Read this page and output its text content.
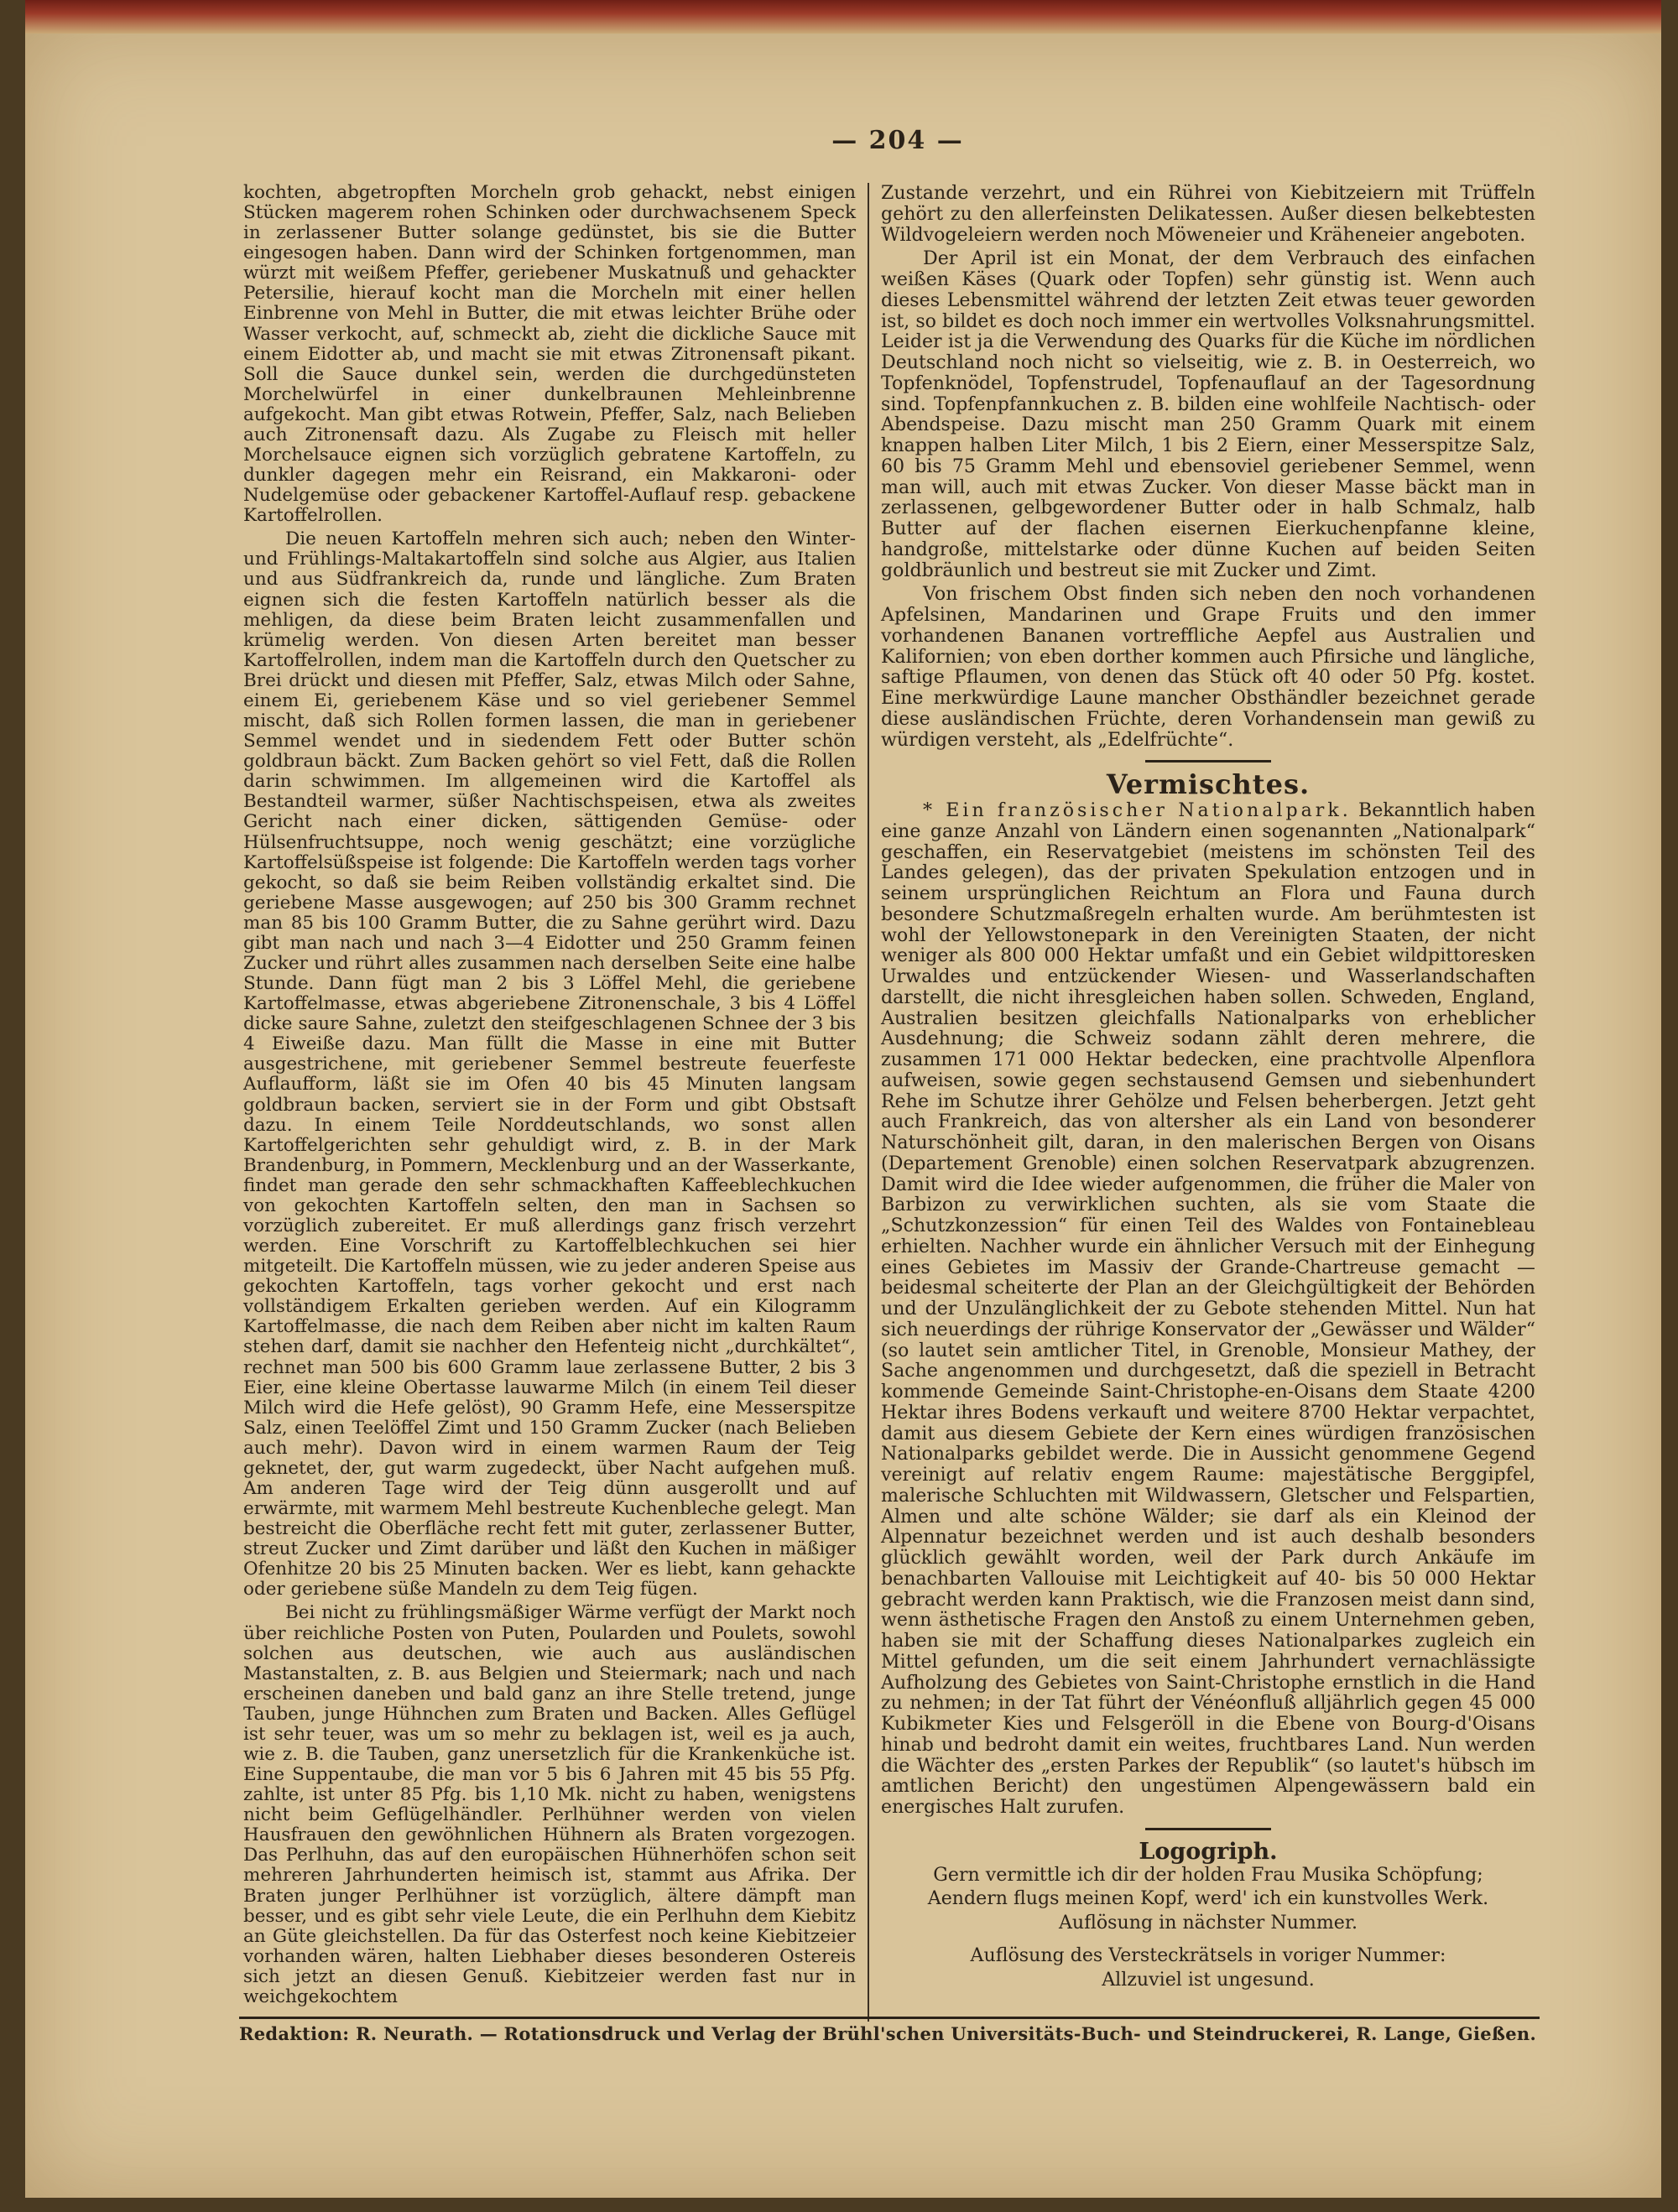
— 204 —

kochten, abgetropften Morcheln grob gehackt, nebst einigen Stücken magerem rohen Schinken oder durchwachsenem Speck in zerlassener Butter solange gedünstet, bis sie die Butter eingesogen haben. Dann wird der Schinken fortgenommen, man würzt mit weißem Pfeffer, geriebener Muskatnuß und gehackter Petersilie, hierauf kocht man die Morcheln mit einer hellen Einbrenne von Mehl in Butter, die mit etwas leichter Brühe oder Wasser verkocht, auf, schmeckt ab, zieht die dickliche Sauce mit einem Eidotter ab, und macht sie mit etwas Zitronensaft pikant. Soll die Sauce dunkel sein, werden die durchgedünsteten Morchelwürfel in einer dunkelbraunen Mehleinbrenne aufgekocht. Man gibt etwas Rotwein, Pfeffer, Salz, nach Belieben auch Zitronensaft dazu. Als Zugabe zu Fleisch mit heller Morchelsauce eignen sich vorzüglich gebratene Kartoffeln, zu dunkler dagegen mehr ein Reisrand, ein Makkaroni- oder Nudelgemüse oder gebackener Kartoffel-Auflauf resp. gebackene Kartoffelrollen.

Die neuen Kartoffeln mehren sich auch; neben den Winter- und Frühlings-Maltakartoffeln sind solche aus Algier, aus Italien und aus Südfrankreich da, runde und längliche. Zum Braten eignen sich die festen Kartoffeln natürlich besser als die mehligen, da diese beim Braten leicht zusammenfallen und krümelig werden. Von diesen Arten bereitet man besser Kartoffelrollen, indem man die Kartoffeln durch den Quetscher zu Brei drückt und diesen mit Pfeffer, Salz, etwas Milch oder Sahne, einem Ei, geriebenem Käse und so viel geriebener Semmel mischt, daß sich Rollen formen lassen, die man in geriebener Semmel wendet und in siedendem Fett oder Butter schön goldbraun bäckt. Zum Backen gehört so viel Fett, daß die Rollen darin schwimmen. Im allgemeinen wird die Kartoffel als Bestandteil warmer, süßer Nachtischspeisen, etwa als zweites Gericht nach einer dicken, sättigenden Gemüse- oder Hülsenfruchtsuppe, noch wenig geschätzt; eine vorzügliche Kartoffelsüßspeise ist folgende: Die Kartoffeln werden tags vorher gekocht, so daß sie beim Reiben vollständig erkaltet sind. Die geriebene Masse ausgewogen; auf 250 bis 300 Gramm rechnet man 85 bis 100 Gramm Butter, die zu Sahne gerührt wird. Dazu gibt man nach und nach 3—4 Eidotter und 250 Gramm feinen Zucker und rührt alles zusammen nach derselben Seite eine halbe Stunde. Dann fügt man 2 bis 3 Löffel Mehl, die geriebene Kartoffelmasse, etwas abgeriebene Zitronenschale, 3 bis 4 Löffel dicke saure Sahne, zuletzt den steifgeschlagenen Schnee der 3 bis 4 Eiweiße dazu. Man füllt die Masse in eine mit Butter ausgestrichene, mit geriebener Semmel bestreute feuerfeste Auflaufform, läßt sie im Ofen 40 bis 45 Minuten langsam goldbraun backen, serviert sie in der Form und gibt Obstsaft dazu. In einem Teile Norddeutschlands, wo sonst allen Kartoffelgerichten sehr gehuldigt wird, z. B. in der Mark Brandenburg, in Pommern, Mecklenburg und an der Wasserkante, findet man gerade den sehr schmackhaften Kaffeeblechkuchen von gekochten Kartoffeln selten, den man in Sachsen so vorzüglich zubereitet. Er muß allerdings ganz frisch verzehrt werden. Eine Vorschrift zu Kartoffelblechkuchen sei hier mitgeteilt. Die Kartoffeln müssen, wie zu jeder anderen Speise aus gekochten Kartoffeln, tags vorher gekocht und erst nach vollständigem Erkalten gerieben werden. Auf ein Kilogramm Kartoffelmasse, die nach dem Reiben aber nicht im kalten Raum stehen darf, damit sie nachher den Hefenteig nicht „durchkältet“, rechnet man 500 bis 600 Gramm laue zerlassene Butter, 2 bis 3 Eier, eine kleine Obertasse lauwarme Milch (in einem Teil dieser Milch wird die Hefe gelöst), 90 Gramm Hefe, eine Messerspitze Salz, einen Teelöffel Zimt und 150 Gramm Zucker (nach Belieben auch mehr). Davon wird in einem warmen Raum der Teig geknetet, der, gut warm zugedeckt, über Nacht aufgehen muß. Am anderen Tage wird der Teig dünn ausgerollt und auf erwärmte, mit warmem Mehl bestreute Kuchenbleche gelegt. Man bestreicht die Oberfläche recht fett mit guter, zerlassener Butter, streut Zucker und Zimt darüber und läßt den Kuchen in mäßiger Ofenhitze 20 bis 25 Minuten backen. Wer es liebt, kann gehackte oder geriebene süße Mandeln zu dem Teig fügen.

Bei nicht zu frühlingsmäßiger Wärme verfügt der Markt noch über reichliche Posten von Puten, Poularden und Poulets, sowohl solchen aus deutschen, wie auch aus ausländischen Mastanstalten, z. B. aus Belgien und Steiermark; nach und nach erscheinen daneben und bald ganz an ihre Stelle tretend, junge Tauben, junge Hühnchen zum Braten und Backen. Alles Geflügel ist sehr teuer, was um so mehr zu beklagen ist, weil es ja auch, wie z. B. die Tauben, ganz unersetzlich für die Krankenküche ist. Eine Suppentaube, die man vor 5 bis 6 Jahren mit 45 bis 55 Pfg. zahlte, ist unter 85 Pfg. bis 1,10 Mk. nicht zu haben, wenigstens nicht beim Geflügelhändler. Perlhühner werden von vielen Hausfrauen den gewöhnlichen Hühnern als Braten vorgezogen. Das Perlhuhn, das auf den europäischen Hühnerhöfen schon seit mehreren Jahrhunderten heimisch ist, stammt aus Afrika. Der Braten junger Perlhühner ist vorzüglich, ältere dämpft man besser, und es gibt sehr viele Leute, die ein Perlhuhn dem Kiebitz an Güte gleichstellen. Da für das Osterfest noch keine Kiebitzeier vorhanden wären, halten Liebhaber dieses besonderen Ostereis sich jetzt an diesen Genuß. Kiebitzeier werden fast nur in weichgekochtem

Zustande verzehrt, und ein Rührei von Kiebitzeiern mit Trüffeln gehört zu den allerfeinsten Delikatessen. Außer diesen belkebtesten Wildvogeleiern werden noch Möweneier und Kräheneier angeboten.

Der April ist ein Monat, der dem Verbrauch des einfachen weißen Käses (Quark oder Topfen) sehr günstig ist. Wenn auch dieses Lebensmittel während der letzten Zeit etwas teuer geworden ist, so bildet es doch noch immer ein wertvolles Volksnahrungsmittel. Leider ist ja die Verwendung des Quarks für die Küche im nördlichen Deutschland noch nicht so vielseitig, wie z. B. in Oesterreich, wo Topfenknödel, Topfenstrudel, Topfenauflauf an der Tagesordnung sind. Topfenpfannkuchen z. B. bilden eine wohlfeile Nachtisch- oder Abendspeise. Dazu mischt man 250 Gramm Quark mit einem knappen halben Liter Milch, 1 bis 2 Eiern, einer Messerspitze Salz, 60 bis 75 Gramm Mehl und ebensoviel geriebener Semmel, wenn man will, auch mit etwas Zucker. Von dieser Masse bäckt man in zerlassenen, gelbgewordener Butter oder in halb Schmalz, halb Butter auf der flachen eisernen Eierkuchenpfanne kleine, handgroße, mittelstarke oder dünne Kuchen auf beiden Seiten goldbräunlich und bestreut sie mit Zucker und Zimt.

Von frischem Obst finden sich neben den noch vorhandenen Apfelsinen, Mandarinen und Grape Fruits und den immer vorhandenen Bananen vortreffliche Aepfel aus Australien und Kalifornien; von eben dorther kommen auch Pfirsiche und längliche, saftige Pflaumen, von denen das Stück oft 40 oder 50 Pfg. kostet. Eine merkwürdige Laune mancher Obsthändler bezeichnet gerade diese ausländischen Früchte, deren Vorhandensein man gewiß zu würdigen versteht, als „Edelfrüchte“.

Vermischtes.

* Ein französischer Nationalpark. Bekanntlich haben eine ganze Anzahl von Ländern einen sogenannten „Nationalpark“ geschaffen, ein Reservatgebiet (meistens im schönsten Teil des Landes gelegen), das der privaten Spekulation entzogen und in seinem ursprünglichen Reichtum an Flora und Fauna durch besondere Schutzmaßregeln erhalten wurde. Am berühmtesten ist wohl der Yellowstonepark in den Vereinigten Staaten, der nicht weniger als 800 000 Hektar umfaßt und ein Gebiet wildpittoresken Urwaldes und entzückender Wiesen- und Wasserlandschaften darstellt, die nicht ihresgleichen haben sollen. Schweden, England, Australien besitzen gleichfalls Nationalparks von erheblicher Ausdehnung; die Schweiz sodann zählt deren mehrere, die zusammen 171 000 Hektar bedecken, eine prachtvolle Alpenflora aufweisen, sowie gegen sechstausend Gemsen und siebenhundert Rehe im Schutze ihrer Gehölze und Felsen beherbergen. Jetzt geht auch Frankreich, das von altersher als ein Land von besonderer Naturschönheit gilt, daran, in den malerischen Bergen von Oisans (Departement Grenoble) einen solchen Reservatpark abzugrenzen. Damit wird die Idee wieder aufgenommen, die früher die Maler von Barbizon zu verwirklichen suchten, als sie vom Staate die „Schutzkonzession“ für einen Teil des Waldes von Fontainebleau erhielten. Nachher wurde ein ähnlicher Versuch mit der Einhegung eines Gebietes im Massiv der Grande-Chartreuse gemacht — beidesmal scheiterte der Plan an der Gleichgültigkeit der Behörden und der Unzulänglichkeit der zu Gebote stehenden Mittel. Nun hat sich neuerdings der rührige Konservator der „Gewässer und Wälder“ (so lautet sein amtlicher Titel, in Grenoble, Monsieur Mathey, der Sache angenommen und durchgesetzt, daß die speziell in Betracht kommende Gemeinde Saint-Christophe-en-Oisans dem Staate 4200 Hektar ihres Bodens verkauft und weitere 8700 Hektar verpachtet, damit aus diesem Gebiete der Kern eines würdigen französischen Nationalparks gebildet werde. Die in Aussicht genommene Gegend vereinigt auf relativ engem Raume: majestätische Berggipfel, malerische Schluchten mit Wildwassern, Gletscher und Felspartien, Almen und alte schöne Wälder; sie darf als ein Kleinod der Alpennatur bezeichnet werden und ist auch deshalb besonders glücklich gewählt worden, weil der Park durch Ankäufe im benachbarten Vallouise mit Leichtigkeit auf 40- bis 50 000 Hektar gebracht werden kann Praktisch, wie die Franzosen meist dann sind, wenn ästhetische Fragen den Anstoß zu einem Unternehmen geben, haben sie mit der Schaffung dieses Nationalparkes zugleich ein Mittel gefunden, um die seit einem Jahrhundert vernachlässigte Aufholzung des Gebietes von Saint-Christophe ernstlich in die Hand zu nehmen; in der Tat führt der Vénéonfluß alljährlich gegen 45 000 Kubikmeter Kies und Felsgeröll in die Ebene von Bourg-d'Oisans hinab und bedroht damit ein weites, fruchtbares Land. Nun werden die Wächter des „ersten Parkes der Republik“ (so lautet's hübsch im amtlichen Bericht) den ungestümen Alpengewässern bald ein energisches Halt zurufen.

Logogriph.

Gern vermittle ich dir der holden Frau Musika Schöpfung;

Aendern flugs meinen Kopf, werd' ich ein kunstvolles Werk.

Auflösung in nächster Nummer.

Auflösung des Versteckrätsels in voriger Nummer:

Allzuviel ist ungesund.

Redaktion: R. Neurath. — Rotationsdruck und Verlag der Brühl'schen Universitäts-Buch- und Steindruckerei, R. Lange, Gießen.
